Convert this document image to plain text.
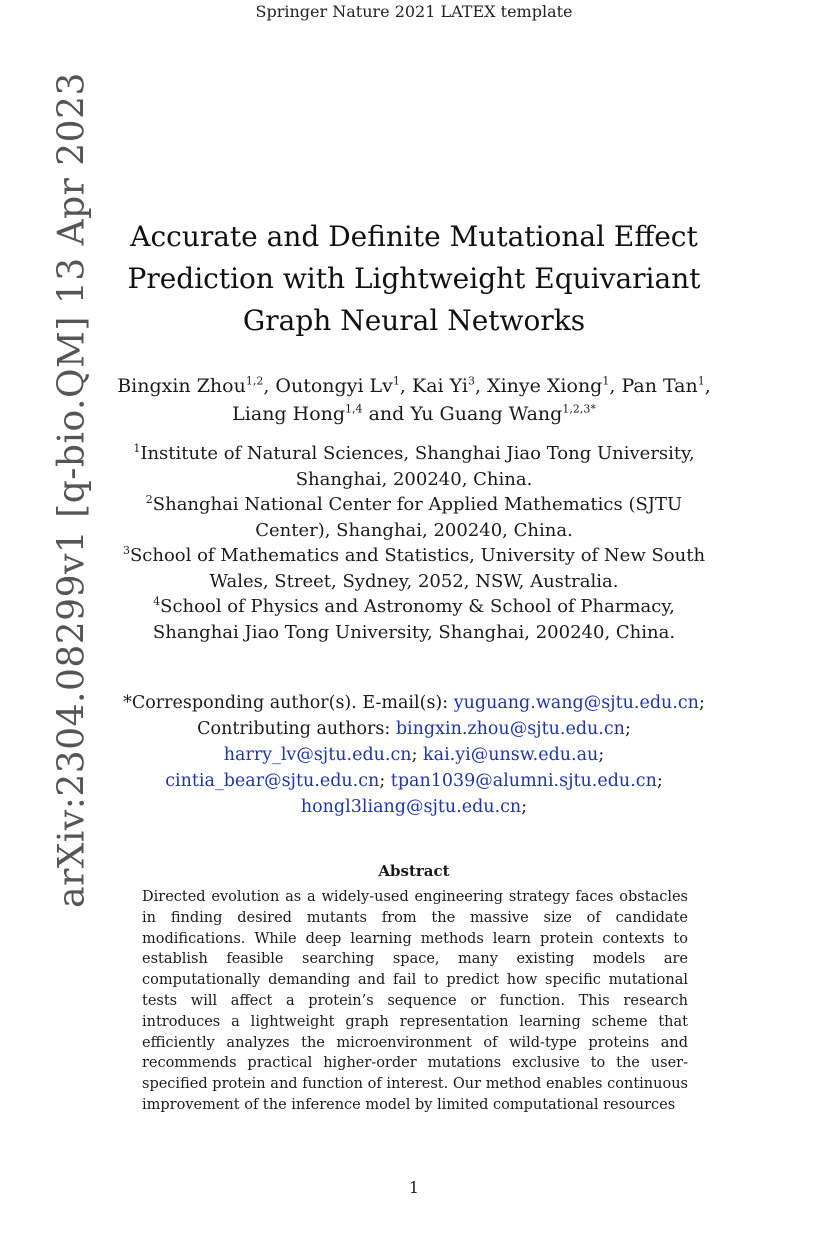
Springer Nature 2021 LATEX template
arXiv:2304.08299v1 [q-bio.QM] 13 Apr 2023	Accurate and Definite Mutational Effect
Prediction with Lightweight Equivariant
Graph Neural Networks
Bingxin Zhou$^{1,2}$, Outongyi Lv$^1$, Kai Yi$^3$, Xinye Xiong$^1$, Pan Tan$^1$, Liang Hong$^{1,4}$ and Yu Guang Wang$^{1,2,3*}$
$^1$Institute of Natural Sciences, Shanghai Jiao Tong University, Shanghai, 200240, China.
$^2$Shanghai National Center for Applied Mathematics (SJTU Center), Shanghai, 200240, China.
$^3$School of Mathematics and Statistics, University of New South Wales, Street, Sydney, 2052, NSW, Australia.
$^4$School of Physics and Astronomy & School of Pharmacy, Shanghai Jiao Tong University, Shanghai, 200240, China.
*Corresponding author(s). E-mail(s): yuguang.wang@sjtu.edu.cn;
Contributing authors: bingxin.zhou@sjtu.edu.cn;
harry_lv@sjtu.edu.cn; kai.yi@unsw.edu.au;
cintia_bear@sjtu.edu.cn; tpan1039@alumni.sjtu.edu.cn;
hongl3liang@sjtu.edu.cn;
Abstract
Directed evolution as a widely-used engineering strategy faces obstacles in finding desired mutants from the massive size of candidate modifications. While deep learning methods learn protein contexts to establish feasible searching space, many existing models are computationally demanding and fail to predict how specific mutational tests will affect a protein’s sequence or function. This research introduces a lightweight graph representation learning scheme that efficiently analyzes the microenvironment of wild-type proteins and recommends practical higher-order mutations exclusive to the user-specified protein and function of interest. Our method enables continuous improvement of the inference model by limited computational resources
1
